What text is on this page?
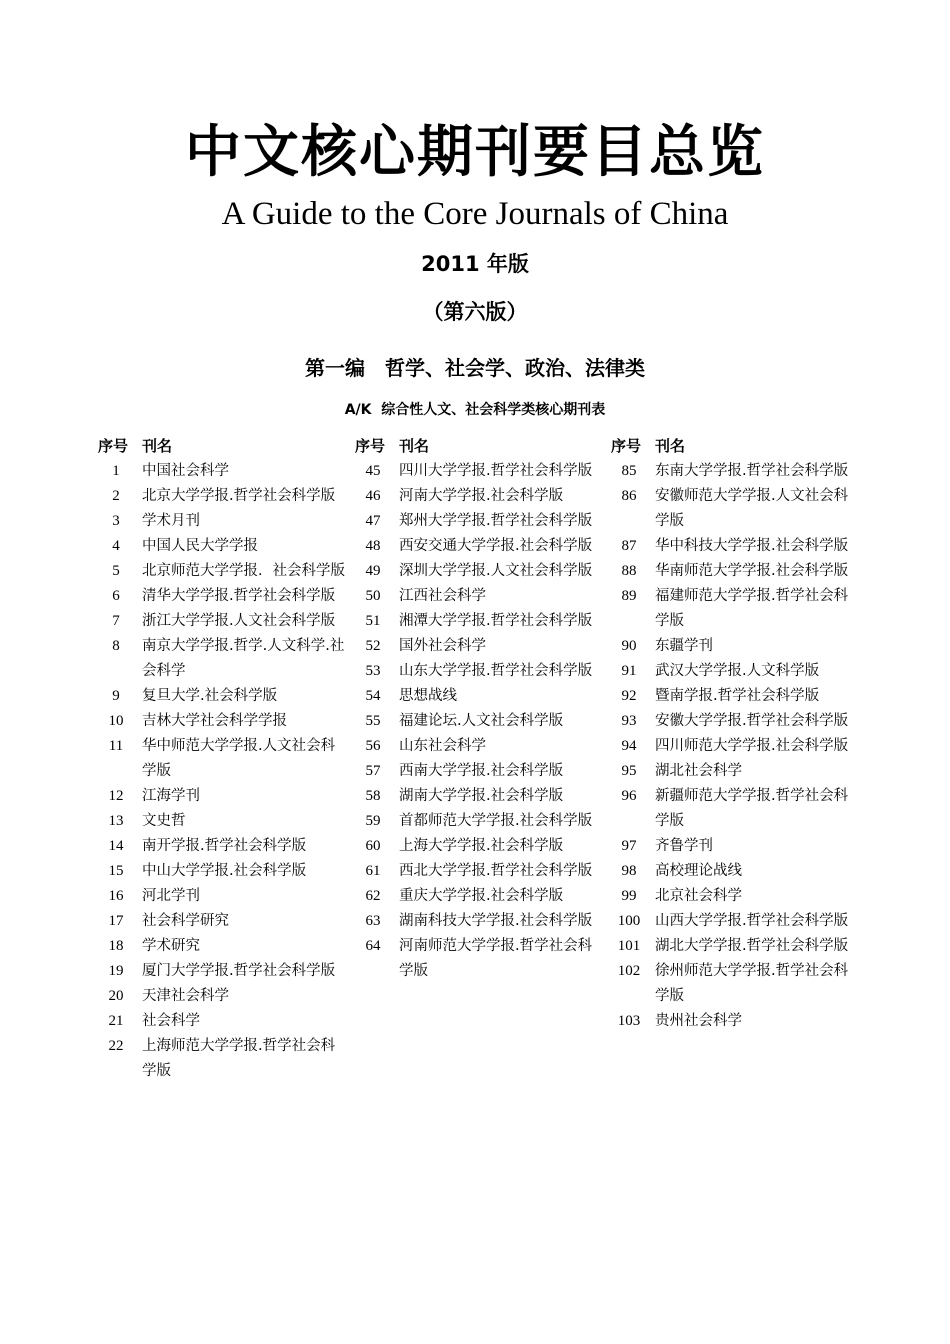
中文核心期刊要目总览
A Guide to the Core Journals of China
2011 年版
（第六版）
第一编　哲学、社会学、政治、法律类
A/K  综合性人文、社会科学类核心期刊表
序号 刊名
1	中国社会科学
2	北京大学学报.哲学社会科学版
3	学术月刊
4	中国人民大学学报
5	北京师范大学学报．社会科学版
6	清华大学学报.哲学社会科学版
7	浙江大学学报.人文社会科学版
8	南京大学学报.哲学.人文科学.社会科学
9	复旦大学.社会科学版
10	吉林大学社会科学学报
11	华中师范大学学报.人文社会科学版
12	江海学刊
13	文史哲
14	南开学报.哲学社会科学版
15	中山大学学报.社会科学版
16	河北学刊
17	社会科学研究
18	学术研究
19	厦门大学学报.哲学社会科学版
20	天津社会科学
21	社会科学
22	上海师范大学学报.哲学社会科学版
序号 刊名
45	四川大学学报.哲学社会科学版
46	河南大学学报.社会科学版
47	郑州大学学报.哲学社会科学版
48	西安交通大学学报.社会科学版
49	深圳大学学报.人文社会科学版
50	江西社会科学
51	湘潭大学学报.哲学社会科学版
52	国外社会科学
53	山东大学学报.哲学社会科学版
54	思想战线
55	福建论坛.人文社会科学版
56	山东社会科学
57	西南大学学报.社会科学版
58	湖南大学学报.社会科学版
59	首都师范大学学报.社会科学版
60	上海大学学报.社会科学版
61	西北大学学报.哲学社会科学版
62	重庆大学学报.社会科学版
63	湖南科技大学学报.社会科学版
64	河南师范大学学报.哲学社会科学版
序号 刊名
85	东南大学学报.哲学社会科学版
86	安徽师范大学学报.人文社会科学版
87	华中科技大学学报.社会科学版
88	华南师范大学学报.社会科学版
89	福建师范大学学报.哲学社会科学版
90	东疆学刊
91	武汉大学学报.人文科学版
92	暨南学报.哲学社会科学版
93	安徽大学学报.哲学社会科学版
94	四川师范大学学报.社会科学版
95	湖北社会科学
96	新疆师范大学学报.哲学社会科学版
97	齐鲁学刊
98	高校理论战线
99	北京社会科学
100	山西大学学报.哲学社会科学版
101	湖北大学学报.哲学社会科学版
102	徐州师范大学学报.哲学社会科学版
103	贵州社会科学
